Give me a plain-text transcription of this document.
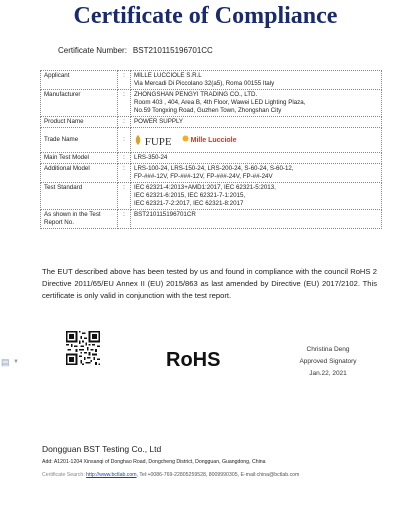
Certificate of Compliance
Certificate Number: BST210115196701CC
Applicant	:	MILLE LUCCIOLE S.R.L
Via Mercadi Di Piccolano 32(a5), Roma 00155 Italy

Manufacturer	:	ZHONGSHAN PENGYI TRADING CO., LTD.
Room 403 , 404, Area B, 4th Floor, Wawei LED Lighting Plaza,
No.59 Tongxing Road, Guzhen Town, Zhongshan City

Product Name	:	POWER SUPPLY

Trade Name	:	FUPE Mille Lucciole

Main Test Model	:	LRS-350-24

Additional Model	:	LRS-100-24, LRS-150-24, LRS-200-24, S-60-24, S-60-12,
FP-###-12V, FP-###-12V, FP-###-24V, FP-##-24V

Test Standard	:	IEC 62321-4:2013+AMD1:2017, IEC 62321-5:2013,
IEC 62321-6:2015, IEC 62321-7-1:2015,
IEC 62321-7-2:2017, IEC 62321-8:2017

As shown in the Test Report No.	:	BST210115196701CR
The EUT described above has been tested by us and found in compliance with the council RoHS 2 Directive 2011/65/EU Annex II (EU) 2015/863 as last amended by Directive (EU) 2017/2102. This certificate is only valid in conjunction with the test report.
RoHS	Christina Deng
Approved Signatory
Jan.22, 2021
▤ ▼
Dongguan BST Testing Co., Ltd
Add: A1201-1204 Xinsanqi of Donghao Road, Dongcheng District, Dongguan, Guangdong, China
Certificate Search: http://www.bctlab.com, Tel:+0086-769-22805259528, 8009990305, E-mail:china@bctlab.com
